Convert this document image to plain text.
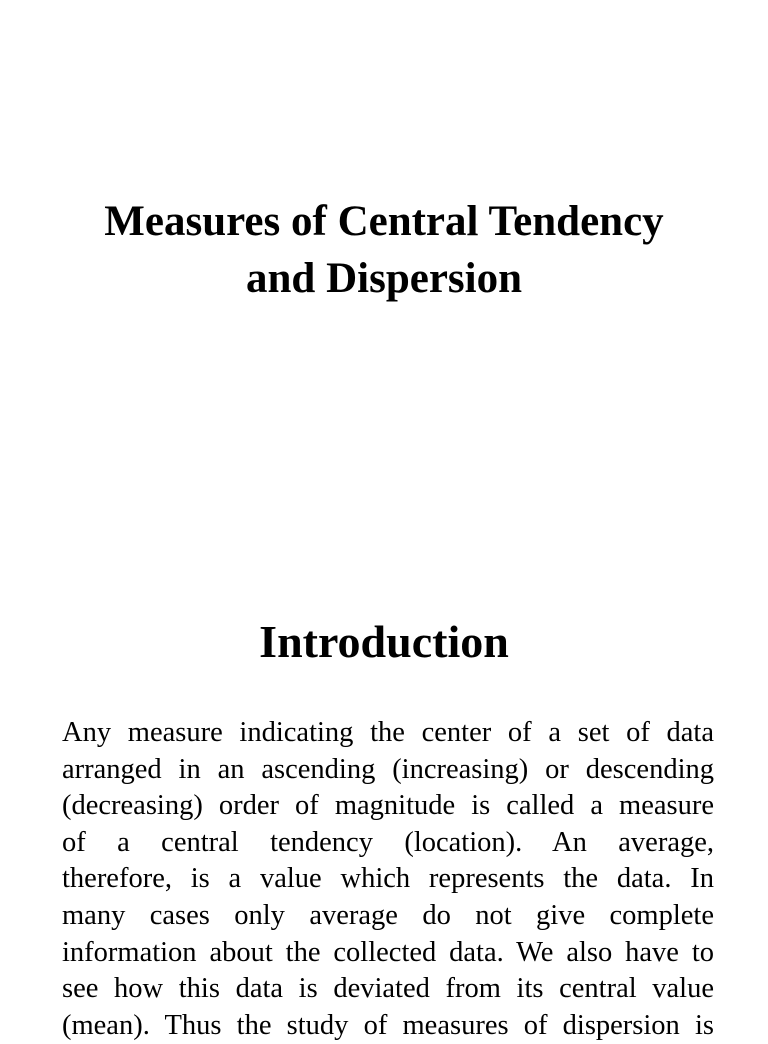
Measures of Central Tendency
and Dispersion
Introduction

Any measure indicating the center of a set of data
arranged in an ascending (increasing) or descending
(decreasing) order of magnitude is called a measure
of a central tendency (location). An average,
therefore, is a value which represents the data. In
many cases only average do not give complete
information about the collected data. We also have to
see how this data is deviated from its central value
(mean). Thus the study of measures of dispersion is
